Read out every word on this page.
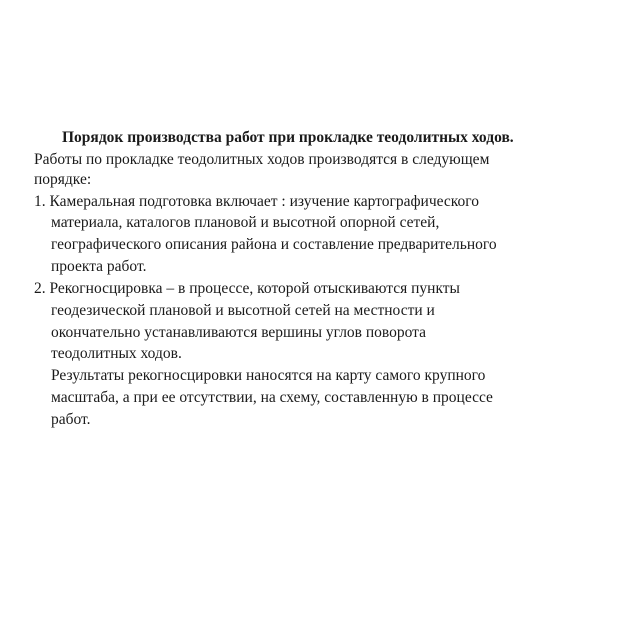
Порядок производства работ при прокладке теодолитных ходов.
Работы по прокладке теодолитных ходов производятся в следующем
порядке:
1. Камеральная подготовка включает : изучение картографического
материала, каталогов плановой и высотной опорной сетей,
географического описания района и составление предварительного
проекта работ.
2. Рекогносцировка – в процессе, которой отыскиваются пункты
геодезической плановой и высотной сетей на местности и
окончательно устанавливаются вершины углов поворота
теодолитных ходов.
Результаты рекогносцировки наносятся на карту самого крупного
масштаба, а при ее отсутствии, на схему, составленную в процессе
работ.
